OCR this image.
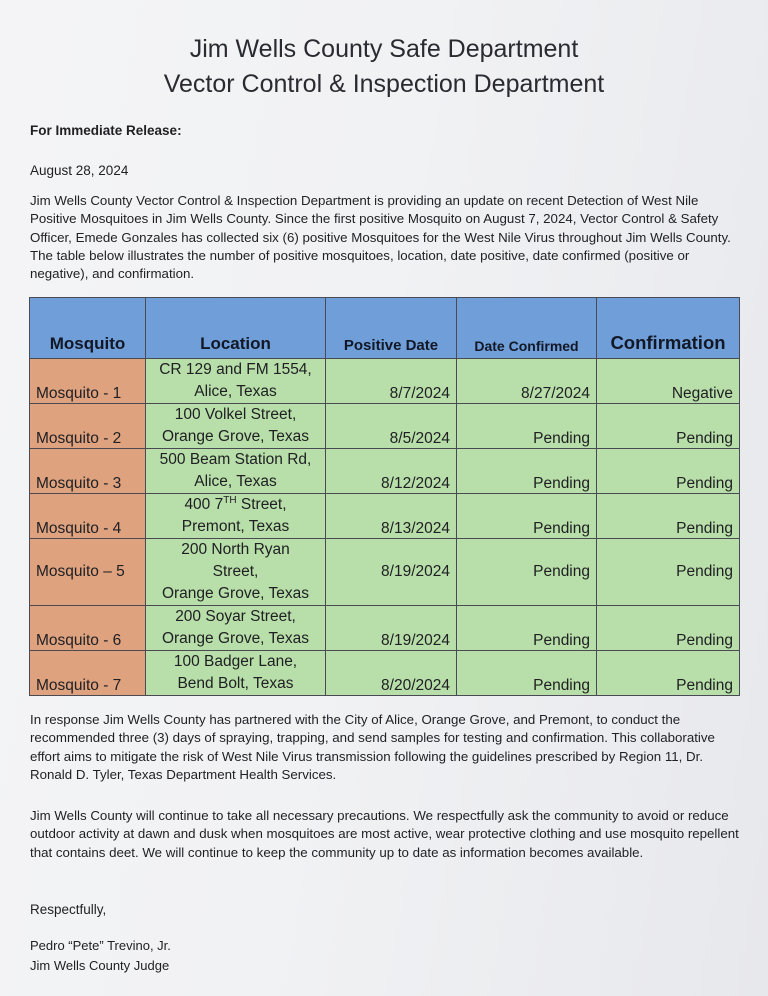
Jim Wells County Safe Department
Vector Control & Inspection Department
For Immediate Release:
August 28, 2024

Jim Wells County Vector Control & Inspection Department is providing an update on recent Detection of West Nile Positive Mosquitoes in Jim Wells County. Since the first positive Mosquito on August 7, 2024, Vector Control & Safety Officer, Emede Gonzales has collected six (6) positive Mosquitoes for the West Nile Virus throughout Jim Wells County. The table below illustrates the number of positive mosquitoes, location, date positive, date confirmed (positive or negative), and confirmation.

Mosquito	Location	Positive Date	Date Confirmed	Confirmation
Mosquito - 1	CR 129 and FM 1554,
Alice, Texas	8/7/2024	8/27/2024	Negative
Mosquito - 2	100 Volkel Street,
Orange Grove, Texas	8/5/2024	Pending	Pending
Mosquito - 3	500 Beam Station Rd,
Alice, Texas	8/12/2024	Pending	Pending
Mosquito - 4	400 7TH Street,
Premont, Texas	8/13/2024	Pending	Pending
Mosquito – 5	200 North Ryan
Street,
Orange Grove, Texas	8/19/2024	Pending	Pending
Mosquito - 6	200 Soyar Street,
Orange Grove, Texas	8/19/2024	Pending	Pending
Mosquito - 7	100 Badger Lane,
Bend Bolt, Texas	8/20/2024	Pending	Pending

In response Jim Wells County has partnered with the City of Alice, Orange Grove, and Premont, to conduct the recommended three (3) days of spraying, trapping, and send samples for testing and confirmation. This collaborative effort aims to mitigate the risk of West Nile Virus transmission following the guidelines prescribed by Region 11, Dr. Ronald D. Tyler, Texas Department Health Services.

Jim Wells County will continue to take all necessary precautions. We respectfully ask the community to avoid or reduce outdoor activity at dawn and dusk when mosquitoes are most active, wear protective clothing and use mosquito repellent that contains deet. We will continue to keep the community up to date as information becomes available.

Respectfully,
Pedro “Pete” Trevino, Jr.
Jim Wells County Judge
